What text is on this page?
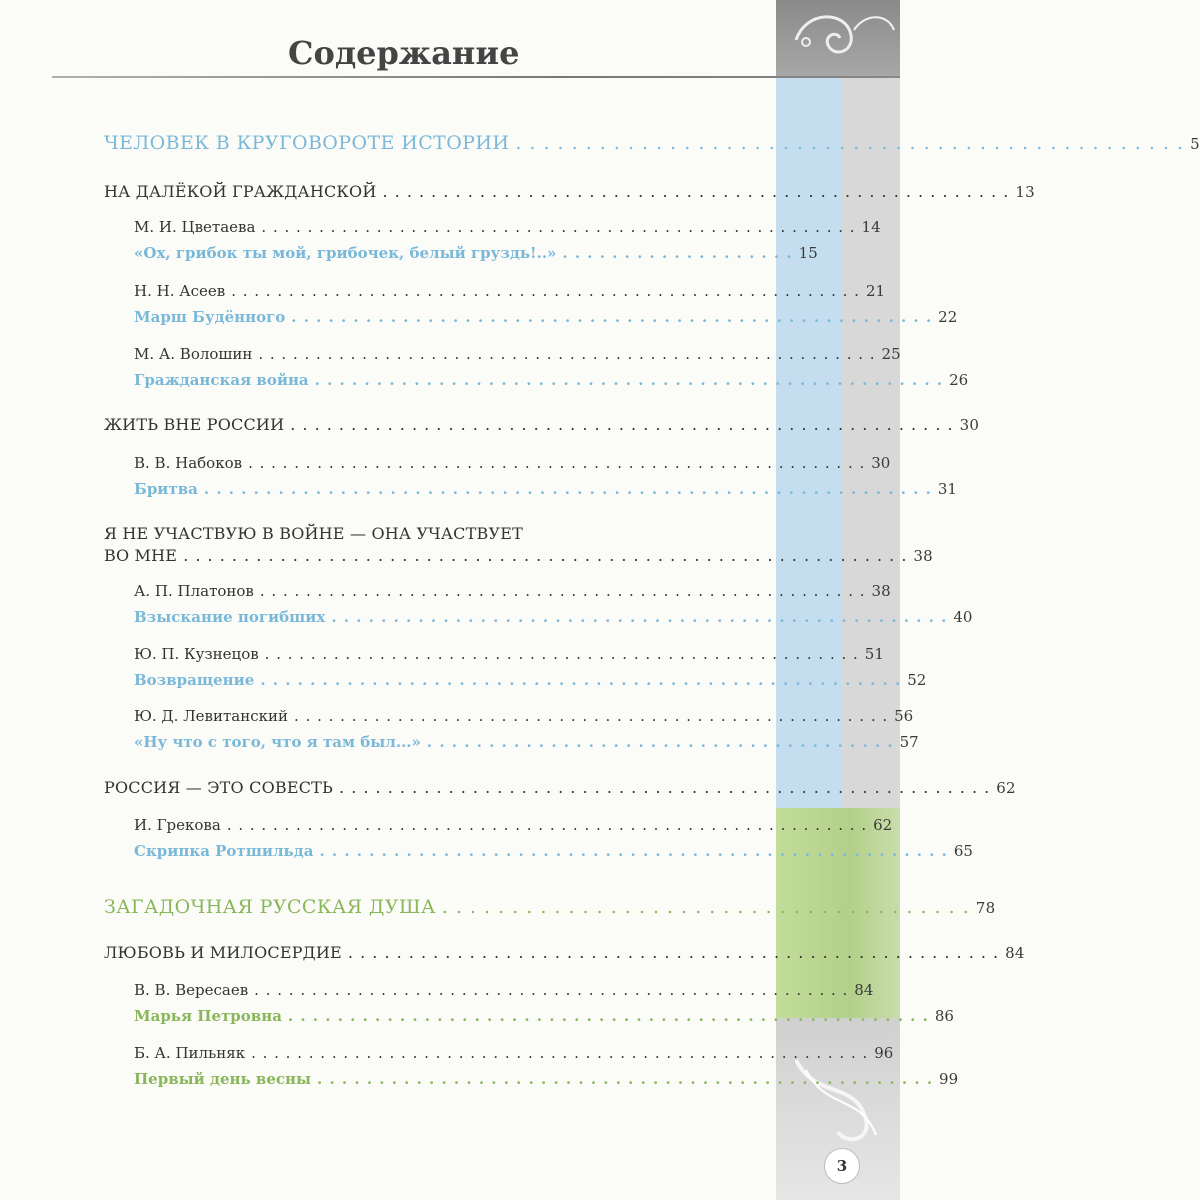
3
Содержание
ЧЕЛОВЕК В КРУГОВОРОТЕ ИСТОРИИ . . . . . . . . . . . . . . . . . . . . . . . . . . . . . . . . . . . . . . . . . . . . . . . . 5
НА ДАЛЁКОЙ ГРАЖДАНСКОЙ . . . . . . . . . . . . . . . . . . . . . . . . . . . . . . . . . . . . . . . . . . . . . . . . . . . . 13
М. И. Цветаева . . . . . . . . . . . . . . . . . . . . . . . . . . . . . . . . . . . . . . . . . . . . . . . . . . . . 14
«Ох, грибок ты мой, грибочек, белый груздь!..» . . . . . . . . . . . . . . . . . . . 15
Н. Н. Асеев . . . . . . . . . . . . . . . . . . . . . . . . . . . . . . . . . . . . . . . . . . . . . . . . . . . . . . . 21
Марш Будённого . . . . . . . . . . . . . . . . . . . . . . . . . . . . . . . . . . . . . . . . . . . . . . . . . . . . 22
М. А. Волошин . . . . . . . . . . . . . . . . . . . . . . . . . . . . . . . . . . . . . . . . . . . . . . . . . . . . . . 25
Гражданская война . . . . . . . . . . . . . . . . . . . . . . . . . . . . . . . . . . . . . . . . . . . . . . . . . . . 26
ЖИТЬ ВНЕ РОССИИ . . . . . . . . . . . . . . . . . . . . . . . . . . . . . . . . . . . . . . . . . . . . . . . . . . . . . . . 30
В. В. Набоков . . . . . . . . . . . . . . . . . . . . . . . . . . . . . . . . . . . . . . . . . . . . . . . . . . . . . . 30
Бритва . . . . . . . . . . . . . . . . . . . . . . . . . . . . . . . . . . . . . . . . . . . . . . . . . . . . . . . . . . . 31
Я НЕ УЧАСТВУЮ В ВОЙНЕ — ОНА УЧАСТВУЕТ
ВО МНЕ . . . . . . . . . . . . . . . . . . . . . . . . . . . . . . . . . . . . . . . . . . . . . . . . . . . . . . . . . . . . 38
А. П. Платонов . . . . . . . . . . . . . . . . . . . . . . . . . . . . . . . . . . . . . . . . . . . . . . . . . . . . . 38
Взыскание погибших . . . . . . . . . . . . . . . . . . . . . . . . . . . . . . . . . . . . . . . . . . . . . . . . . . 40
Ю. П. Кузнецов . . . . . . . . . . . . . . . . . . . . . . . . . . . . . . . . . . . . . . . . . . . . . . . . . . . . 51
Возвращение . . . . . . . . . . . . . . . . . . . . . . . . . . . . . . . . . . . . . . . . . . . . . . . . . . . . 52
Ю. Д. Левитанский . . . . . . . . . . . . . . . . . . . . . . . . . . . . . . . . . . . . . . . . . . . . . . . . . . . . 56
«Ну что с того, что я там был...» . . . . . . . . . . . . . . . . . . . . . . . . . . . . . . . . . . . . . . 57
РОССИЯ — ЭТО СОВЕСТЬ . . . . . . . . . . . . . . . . . . . . . . . . . . . . . . . . . . . . . . . . . . . . . . . . . . . . . . 62
И. Грекова . . . . . . . . . . . . . . . . . . . . . . . . . . . . . . . . . . . . . . . . . . . . . . . . . . . . . . . . 62
Скрипка Ротшильда . . . . . . . . . . . . . . . . . . . . . . . . . . . . . . . . . . . . . . . . . . . . . . . . . . . 65
ЗАГАДОЧНАЯ РУССКАЯ ДУША . . . . . . . . . . . . . . . . . . . . . . . . . . . . . . . . . . . . . . 78
ЛЮБОВЬ И МИЛОСЕРДИЕ . . . . . . . . . . . . . . . . . . . . . . . . . . . . . . . . . . . . . . . . . . . . . . . . . . . . . . 84
В. В. Вересаев . . . . . . . . . . . . . . . . . . . . . . . . . . . . . . . . . . . . . . . . . . . . . . . . . . . . 84
Марья Петровна . . . . . . . . . . . . . . . . . . . . . . . . . . . . . . . . . . . . . . . . . . . . . . . . . . . . 86
Б. А. Пильняк . . . . . . . . . . . . . . . . . . . . . . . . . . . . . . . . . . . . . . . . . . . . . . . . . . . . . . 96
Первый день весны . . . . . . . . . . . . . . . . . . . . . . . . . . . . . . . . . . . . . . . . . . . . . . . . . . 99
